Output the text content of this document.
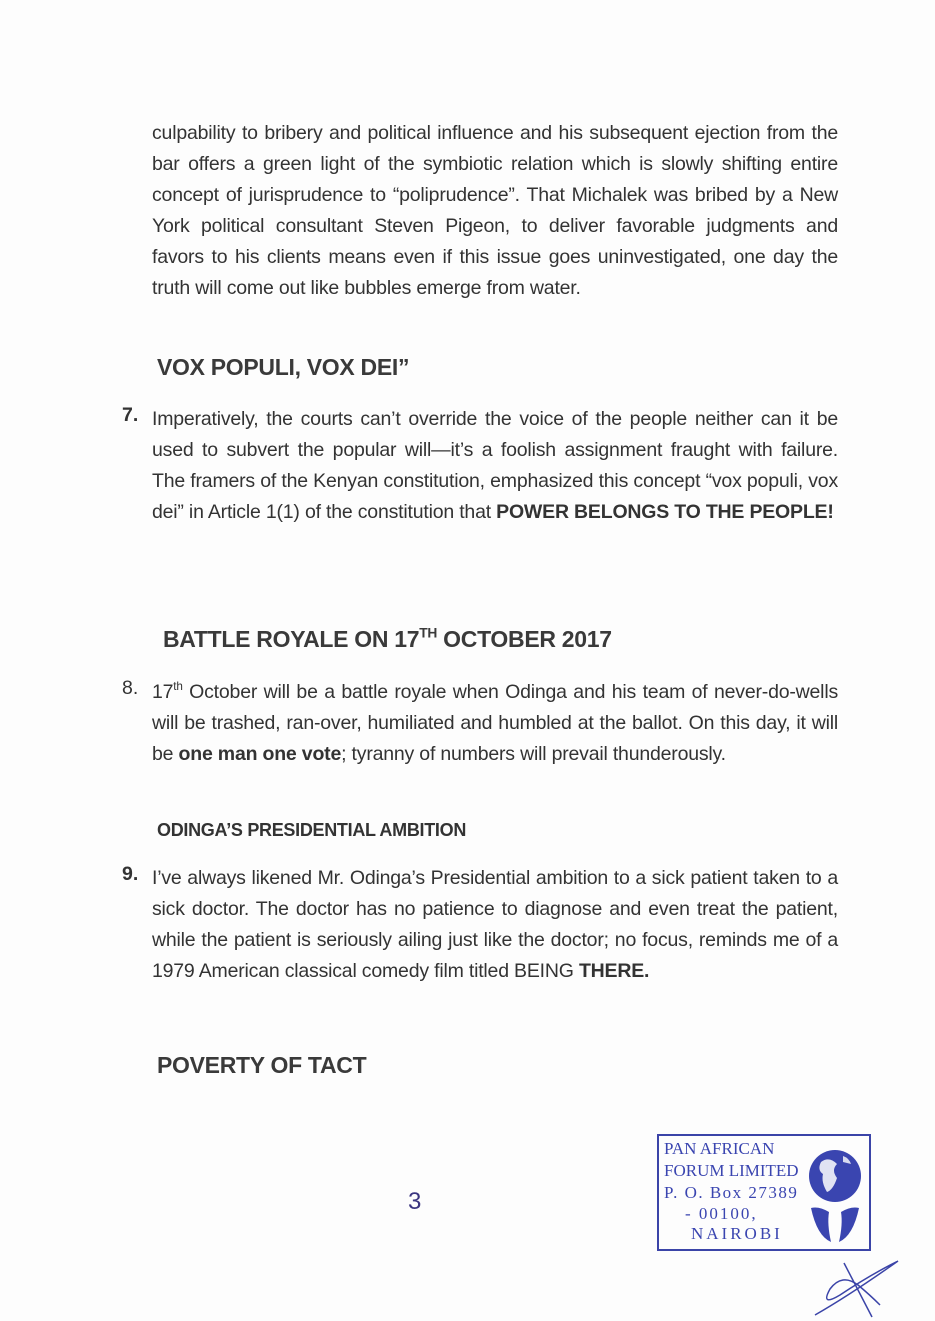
culpability to bribery and political influence and his subsequent ejection from the bar offers a green light of the symbiotic relation which is slowly shifting entire concept of jurisprudence to “poliprudence”. That Michalek was bribed by a New York political consultant Steven Pigeon, to deliver favorable judgments and favors to his clients means even if this issue goes uninvestigated, one day the truth will come out like bubbles emerge from water.
VOX POPULI, VOX DEI”
7. Imperatively, the courts can’t override the voice of the people neither can it be used to subvert the popular will—it’s a foolish assignment fraught with failure. The framers of the Kenyan constitution, emphasized this concept “vox populi, vox dei” in Article 1(1) of the constitution that POWER BELONGS TO THE PEOPLE!
BATTLE ROYALE ON 17TH OCTOBER 2017
8. 17th October will be a battle royale when Odinga and his team of never-do-wells will be trashed, ran-over, humiliated and humbled at the ballot. On this day, it will be one man one vote; tyranny of numbers will prevail thunderously.
ODINGA’S PRESIDENTIAL AMBITION
9. I’ve always likened Mr. Odinga’s Presidential ambition to a sick patient taken to a sick doctor. The doctor has no patience to diagnose and even treat the patient, while the patient is seriously ailing just like the doctor; no focus, reminds me of a 1979 American classical comedy film titled BEING THERE.
POVERTY OF TACT
3
PAN AFRICAN
FORUM LIMITED
P. O. Box 27389
- 00100,
NAIROBI
